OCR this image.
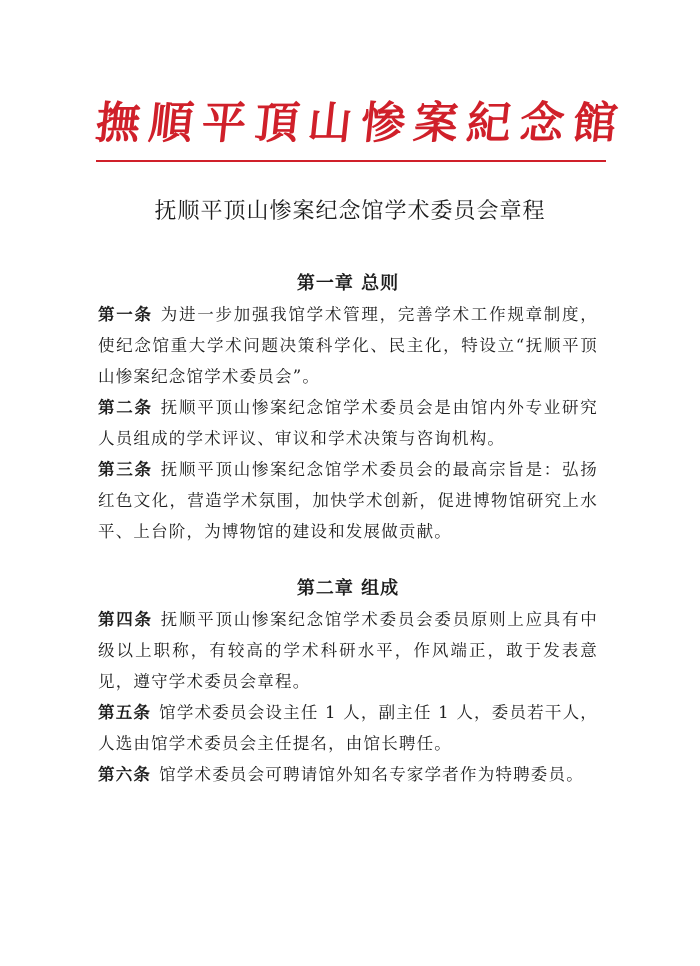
撫順平頂山惨案紀念館
抚顺平顶山惨案纪念馆学术委员会章程
第一章 总则

第一条 为进一步加强我馆学术管理，完善学术工作规章制度，使纪念馆重大学术问题决策科学化、民主化，特设立“抚顺平顶山惨案纪念馆学术委员会”。

第二条 抚顺平顶山惨案纪念馆学术委员会是由馆内外专业研究人员组成的学术评议、审议和学术决策与咨询机构。

第三条 抚顺平顶山惨案纪念馆学术委员会的最高宗旨是：弘扬红色文化，营造学术氛围，加快学术创新，促进博物馆研究上水平、上台阶，为博物馆的建设和发展做贡献。

第二章 组成

第四条 抚顺平顶山惨案纪念馆学术委员会委员原则上应具有中级以上职称，有较高的学术科研水平，作风端正，敢于发表意见，遵守学术委员会章程。

第五条 馆学术委员会设主任 1 人，副主任 1 人，委员若干人，人选由馆学术委员会主任提名，由馆长聘任。

第六条 馆学术委员会可聘请馆外知名专家学者作为特聘委员。
